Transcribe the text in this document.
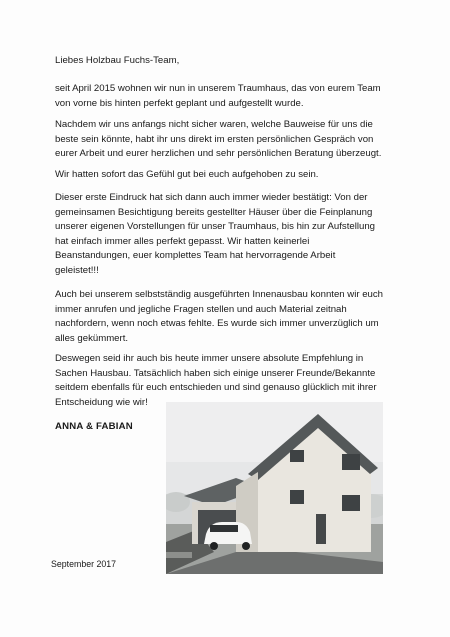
Liebes Holzbau Fuchs-Team,
seit April 2015 wohnen wir nun in unserem Traumhaus, das von eurem Team
von vorne bis hinten perfekt geplant und aufgestellt wurde.
Nachdem wir uns anfangs nicht sicher waren, welche Bauweise für uns die
beste sein könnte, habt ihr uns direkt im ersten persönlichen Gespräch von
eurer Arbeit und eurer herzlichen und sehr persönlichen Beratung überzeugt.
Wir hatten sofort das Gefühl gut bei euch aufgehoben zu sein.
Dieser erste Eindruck hat sich dann auch immer wieder bestätigt: Von der
gemeinsamen Besichtigung bereits gestellter Häuser über die Feinplanung
unserer eigenen Vorstellungen für unser Traumhaus, bis hin zur Aufstellung
hat einfach immer alles perfekt gepasst. Wir hatten keinerlei
Beanstandungen, euer komplettes Team hat hervorragende Arbeit
geleistet!!!
Auch bei unserem selbstständig ausgeführten Innenausbau konnten wir euch
immer anrufen und jegliche Fragen stellen und auch Material zeitnah
nachfordern, wenn noch etwas fehlte. Es wurde sich immer unverzüglich um
alles gekümmert.
Deswegen seid ihr auch bis heute immer unsere absolute Empfehlung in
Sachen Hausbau. Tatsächlich haben sich einige unserer Freunde/Bekannte
seitdem ebenfalls für euch entschieden und sind genauso glücklich mit ihrer
Entscheidung wie wir!
ANNA & FABIAN
September 2017
